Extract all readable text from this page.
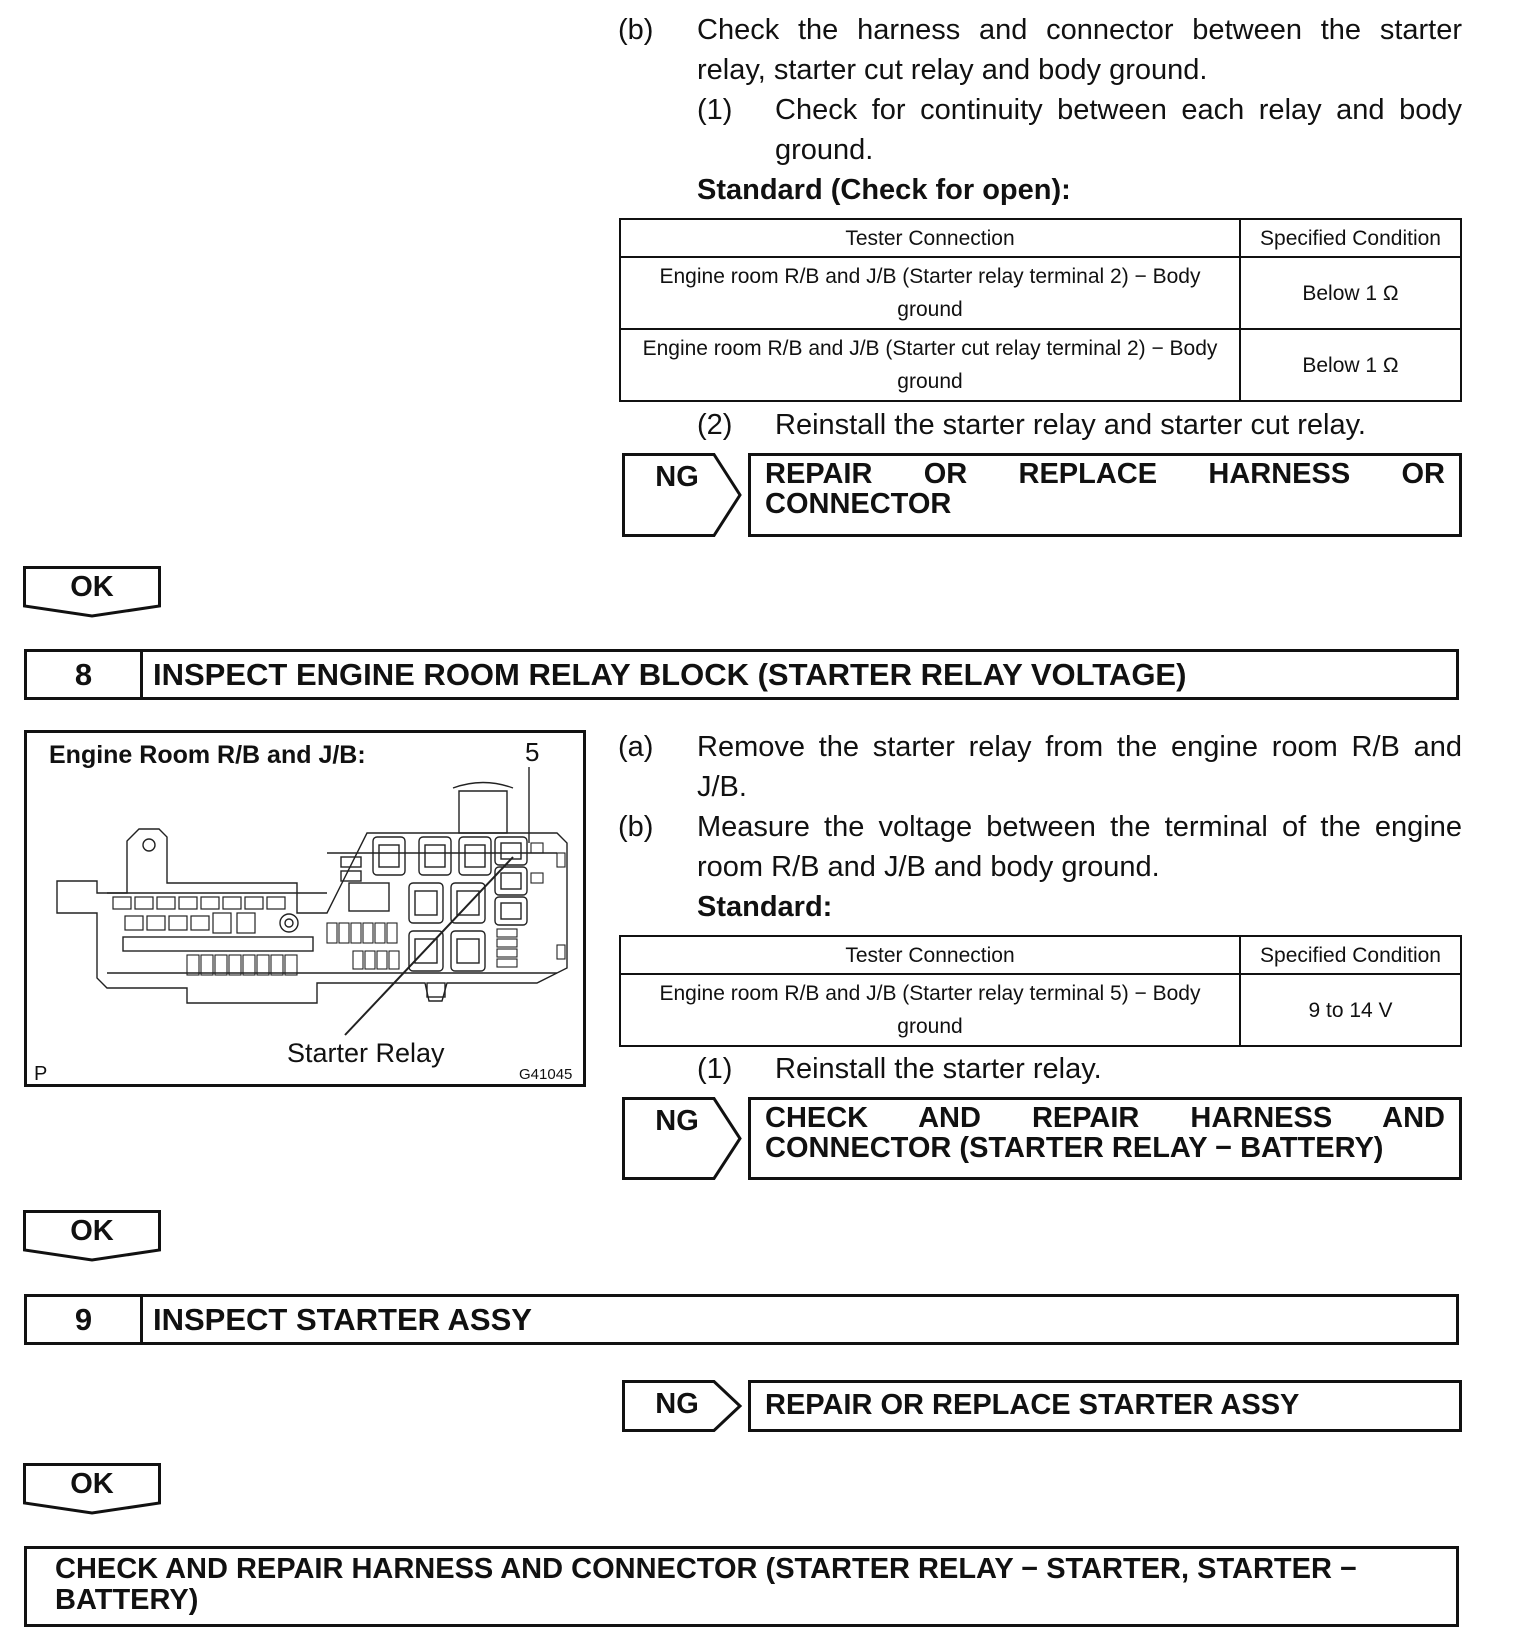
(b) Check the harness and connector between the starter relay, starter cut relay and body ground.
(1) Check for continuity between each relay and body ground.
Standard (Check for open):
Tester Connection	Specified Condition
Engine room R/B and J/B (Starter relay terminal 2) − Body ground	Below 1 Ω
Engine room R/B and J/B (Starter cut relay terminal 2) − Body ground	Below 1 Ω
(2) Reinstall the starter relay and starter cut relay.
NG	REPAIR OR REPLACE HARNESS OR CONNECTOR
OK
8	INSPECT ENGINE ROOM RELAY BLOCK (STARTER RELAY VOLTAGE)
Engine Room R/B and J/B:	5
Starter Relay
P	G41045
(a) Remove the starter relay from the engine room R/B and J/B.
(b) Measure the voltage between the terminal of the engine room R/B and J/B and body ground.
Standard:
Tester Connection	Specified Condition
Engine room R/B and J/B (Starter relay terminal 5) − Body ground	9 to 14 V
(1) Reinstall the starter relay.
NG	CHECK AND REPAIR HARNESS AND CONNECTOR (STARTER RELAY − BATTERY)
OK
9	INSPECT STARTER ASSY
NG	REPAIR OR REPLACE STARTER ASSY
OK
CHECK AND REPAIR HARNESS AND CONNECTOR (STARTER RELAY − STARTER, STARTER − BATTERY)
